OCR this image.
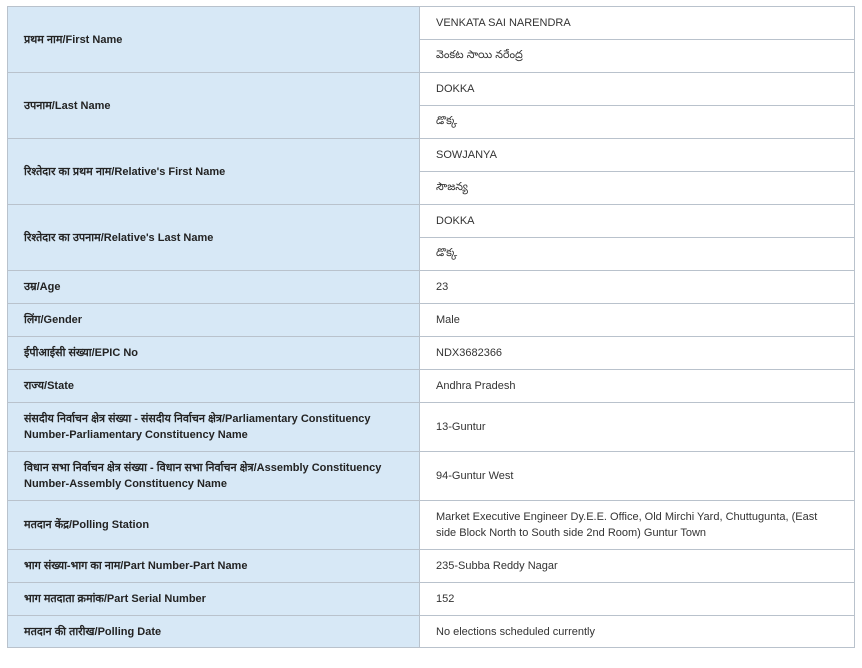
प्रथम नाम/First Name	VENKATA SAI NARENDRA
	వెంకట సాయి నరేంద్ర
उपनाम/Last Name	DOKKA
	డొక్క
रिश्तेदार का प्रथम नाम/Relative's First Name	SOWJANYA
	సౌజన్య
रिश्तेदार का उपनाम/Relative's Last Name	DOKKA
	డొక్క
उम्र/Age	23
लिंग/Gender	Male
ईपीआईसी संख्या/EPIC No	NDX3682366
राज्य/State	Andhra Pradesh
संसदीय निर्वाचन क्षेत्र संख्या - संसदीय निर्वाचन क्षेत्र/Parliamentary Constituency Number-Parliamentary Constituency Name	13-Guntur
विधान सभा निर्वाचन क्षेत्र संख्या - विधान सभा निर्वाचन क्षेत्र/Assembly Constituency Number-Assembly Constituency Name	94-Guntur West
मतदान केंद्र/Polling Station	Market Executive Engineer Dy.E.E. Office, Old Mirchi Yard, Chuttugunta, (East side Block North to South side 2nd Room) Guntur Town
भाग संख्या-भाग का नाम/Part Number-Part Name	235-Subba Reddy Nagar
भाग मतदाता क्रमांक/Part Serial Number	152
मतदान की तारीख/Polling Date	No elections scheduled currently
